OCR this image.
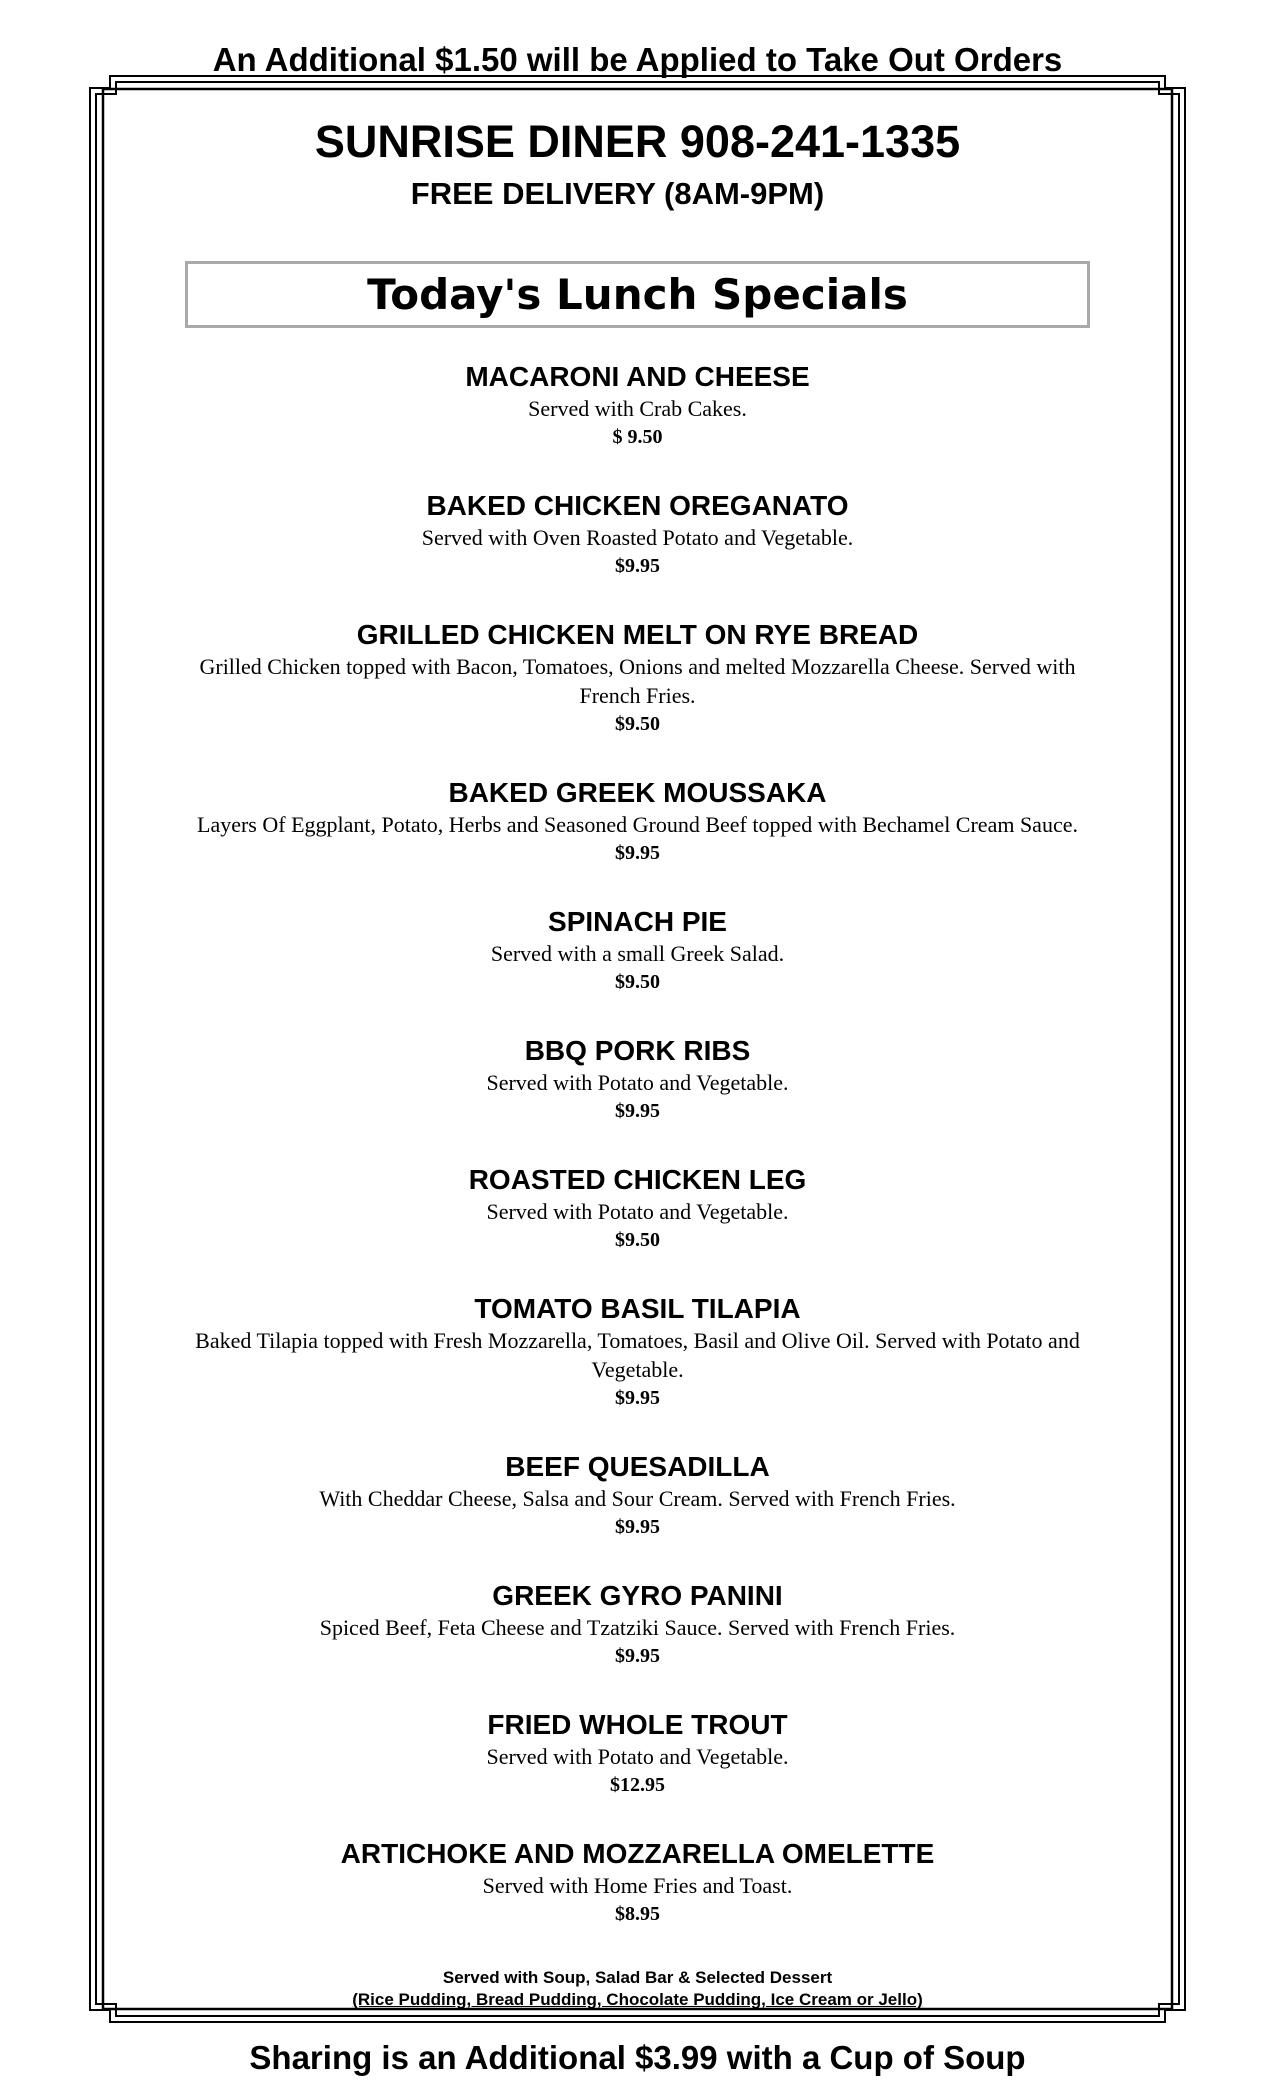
An Additional $1.50 will be Applied to Take Out Orders
SUNRISE DINER 908-241-1335
FREE DELIVERY (8AM-9PM)
Today's Lunch Specials
MACARONI AND CHEESE
Served with Crab Cakes.
$ 9.50
BAKED CHICKEN OREGANATO
Served with Oven Roasted Potato and Vegetable.
$9.95
GRILLED CHICKEN MELT ON RYE BREAD
Grilled Chicken topped with Bacon, Tomatoes, Onions and melted Mozzarella Cheese. Served with French Fries.
$9.50
BAKED GREEK MOUSSAKA
Layers Of Eggplant, Potato, Herbs and Seasoned Ground Beef topped with Bechamel Cream Sauce.
$9.95
SPINACH PIE
Served with a small Greek Salad.
$9.50
BBQ PORK RIBS
Served with Potato and Vegetable.
$9.95
ROASTED CHICKEN LEG
Served with Potato and Vegetable.
$9.50
TOMATO BASIL TILAPIA
Baked Tilapia topped with Fresh Mozzarella, Tomatoes, Basil and Olive Oil. Served with Potato and Vegetable.
$9.95
BEEF QUESADILLA
With Cheddar Cheese, Salsa and Sour Cream. Served with French Fries.
$9.95
GREEK GYRO PANINI
Spiced Beef, Feta Cheese and Tzatziki Sauce. Served with French Fries.
$9.95
FRIED WHOLE TROUT
Served with Potato and Vegetable.
$12.95
ARTICHOKE AND MOZZARELLA OMELETTE
Served with Home Fries and Toast.
$8.95
Served with Soup, Salad Bar & Selected Dessert
(Rice Pudding, Bread Pudding, Chocolate Pudding, Ice Cream or Jello)
Sharing is an Additional $3.99 with a Cup of Soup
